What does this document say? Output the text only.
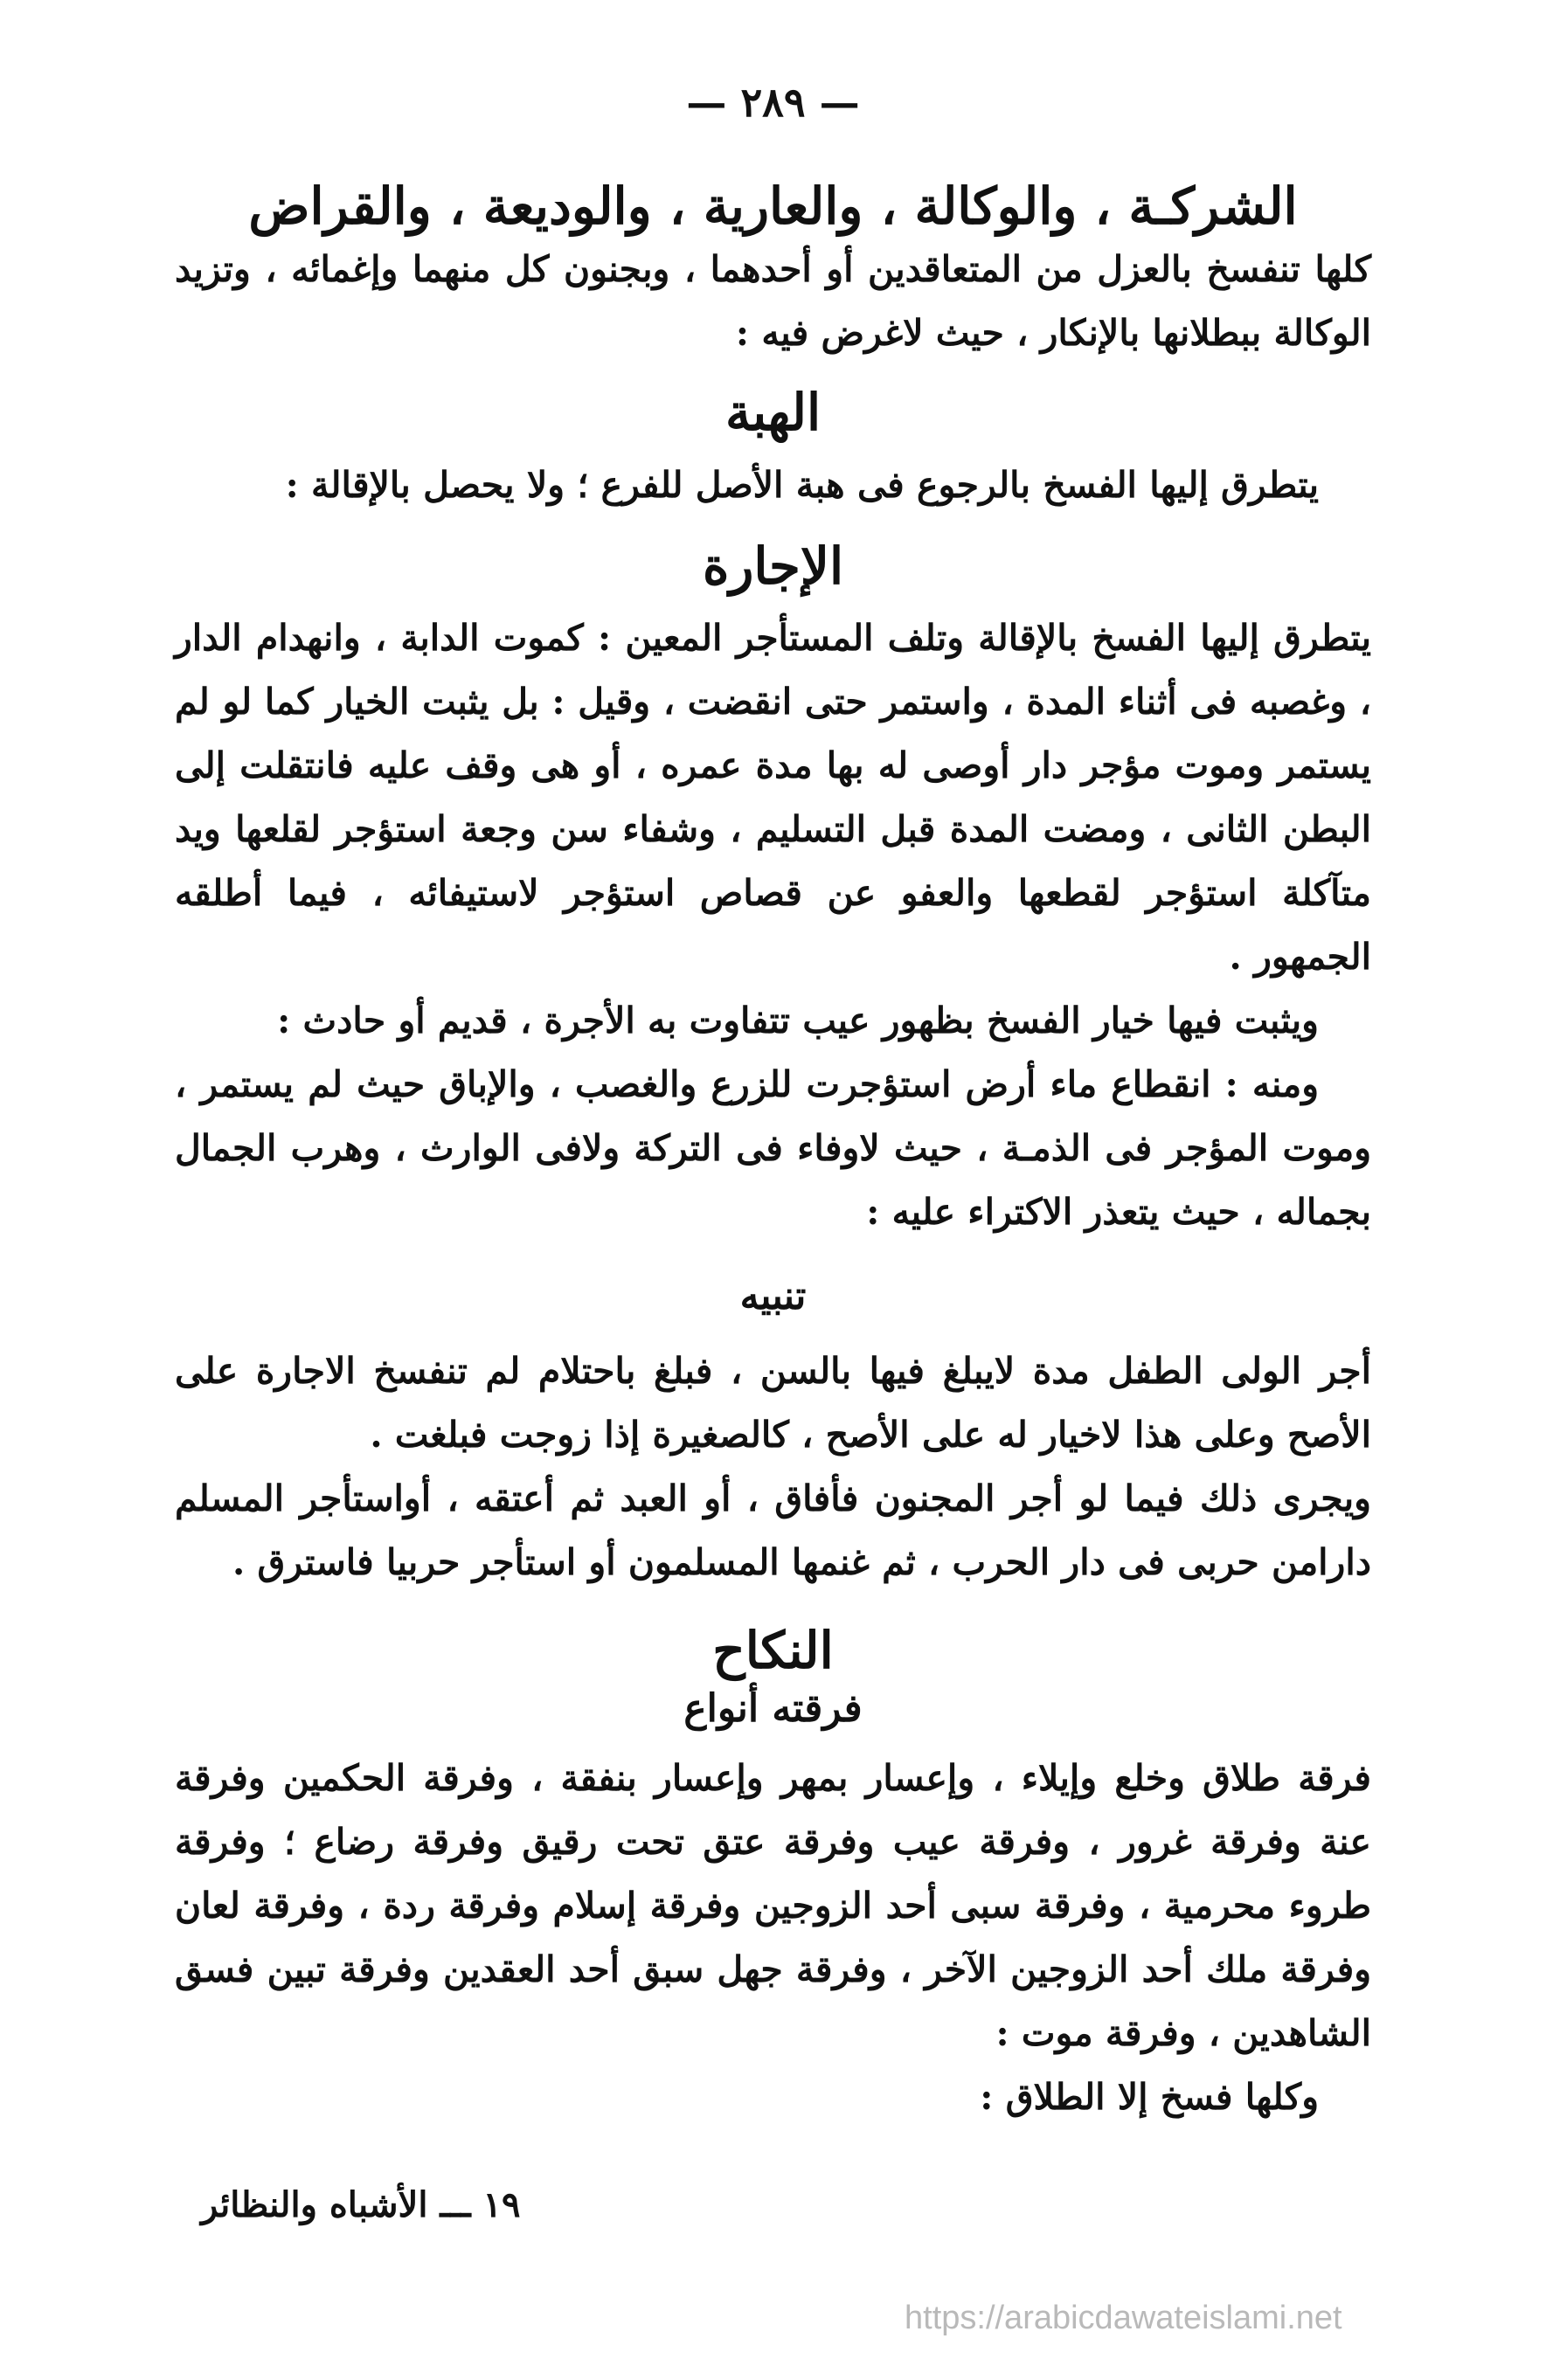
— ٢٨٩ —
الشركـة ، والوكالة ، والعارية ، والوديعة ، والقراض

كلها تنفسخ بالعزل من المتعاقدين أو أحدهما ، وبجنون كل منهما وإغمائه ، وتزيد الوكالة ببطلانها بالإنكار ، حيث لاغرض فيه :

الهبة

يتطرق إليها الفسخ بالرجوع فى هبة الأصل للفرع ؛ ولا يحصل بالإقالة :

الإجارة

يتطرق إليها الفسخ بالإقالة وتلف المستأجر المعين : كموت الدابة ، وانهدام الدار ، وغصبه فى أثناء المدة ، واستمر حتى انقضت ، وقيل : بل يثبت الخيار كما لو لم يستمر وموت مؤجر دار أوصى له بها مدة عمره ، أو هى وقف عليه فانتقلت إلى البطن الثانى ، ومضت المدة قبل التسليم ، وشفاء سن وجعة استؤجر لقلعها ويد متآكلة استؤجر لقطعها والعفو عن قصاص استؤجر لاستيفائه ، فيما أطلقه الجمهور .

ويثبت فيها خيار الفسخ بظهور عيب تتفاوت به الأجرة ، قديم أو حادث :

ومنه : انقطاع ماء أرض استؤجرت للزرع والغصب ، والإباق حيث لم يستمر ، وموت المؤجر فى الذمـة ، حيث لاوفاء فى التركة ولافى الوارث ، وهرب الجمال بجماله ، حيث يتعذر الاكتراء عليه :

تنبيه

أجر الولى الطفل مدة لايبلغ فيها بالسن ، فبلغ باحتلام لم تنفسخ الاجارة على الأصح وعلى هذا لاخيار له على الأصح ، كالصغيرة إذا زوجت فبلغت .

ويجرى ذلك فيما لو أجر المجنون فأفاق ، أو العبد ثم أعتقه ، أواستأجر المسلم دارامن حربى فى دار الحرب ، ثم غنمها المسلمون أو استأجر حربيا فاسترق .

النكاح
فرقته أنواع

فرقة طلاق وخلع وإيلاء ، وإعسار بمهر وإعسار بنفقة ، وفرقة الحكمين وفرقة عنة وفرقة غرور ، وفرقة عيب وفرقة عتق تحت رقيق وفرقة رضاع ؛ وفرقة طروء محرمية ، وفرقة سبى أحد الزوجين وفرقة إسلام وفرقة ردة ، وفرقة لعان وفرقة ملك أحد الزوجين الآخر ، وفرقة جهل سبق أحد العقدين وفرقة تبين فسق الشاهدين ، وفرقة موت :

وكلها فسخ إلا الطلاق :

١٩ ـــ الأشباه والنظائر
https://arabicdawateislami.net
